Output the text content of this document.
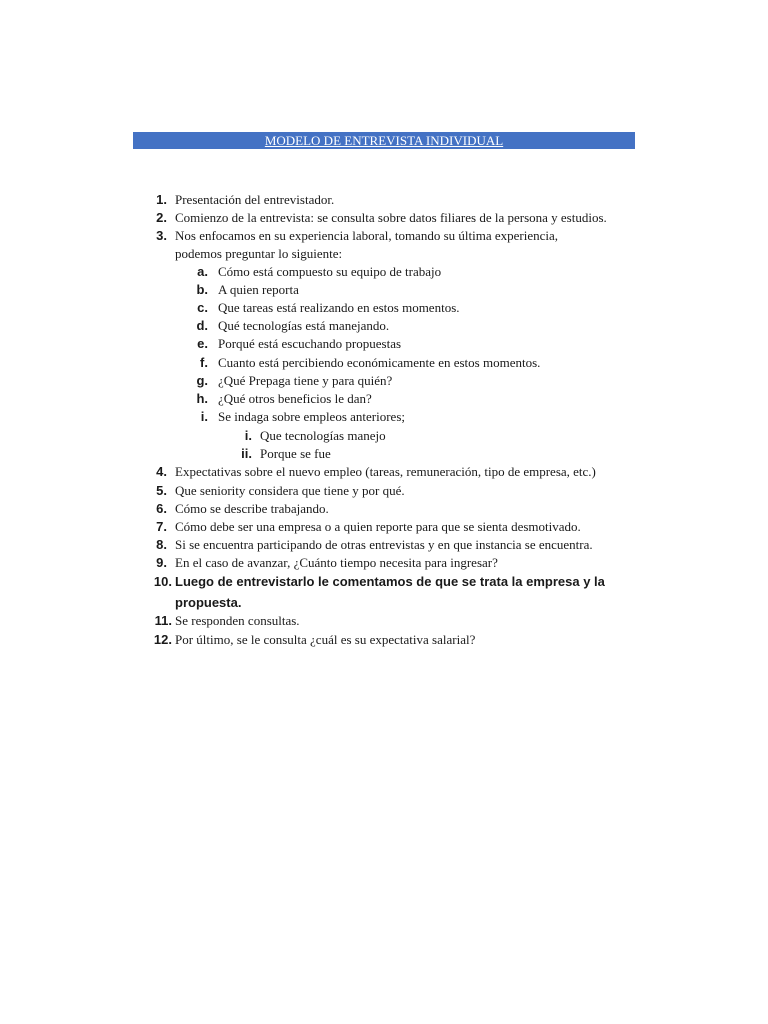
MODELO DE ENTREVISTA INDIVIDUAL
1. Presentación del entrevistador.
2. Comienzo de la entrevista: se consulta sobre datos filiares de la persona y estudios.
3. Nos enfocamos en su experiencia laboral, tomando su última experiencia,
podemos preguntar lo siguiente:
a. Cómo está compuesto su equipo de trabajo
b. A quien reporta
c. Que tareas está realizando en estos momentos.
d. Qué tecnologías está manejando.
e. Porqué está escuchando propuestas
f. Cuanto está percibiendo económicamente en estos momentos.
g. ¿Qué Prepaga tiene y para quién?
h. ¿Qué otros beneficios le dan?
i. Se indaga sobre empleos anteriores;
i. Que tecnologías manejo
ii. Porque se fue
4. Expectativas sobre el nuevo empleo (tareas, remuneración, tipo de empresa, etc.)
5. Que seniority considera que tiene y por qué.
6. Cómo se describe trabajando.
7. Cómo debe ser una empresa o a quien reporte para que se sienta desmotivado.
8. Si se encuentra participando de otras entrevistas y en que instancia se encuentra.
9. En el caso de avanzar, ¿Cuánto tiempo necesita para ingresar?
10. Luego de entrevistarlo le comentamos de que se trata la empresa y la
propuesta.
11. Se responden consultas.
12. Por último, se le consulta ¿cuál es su expectativa salarial?
